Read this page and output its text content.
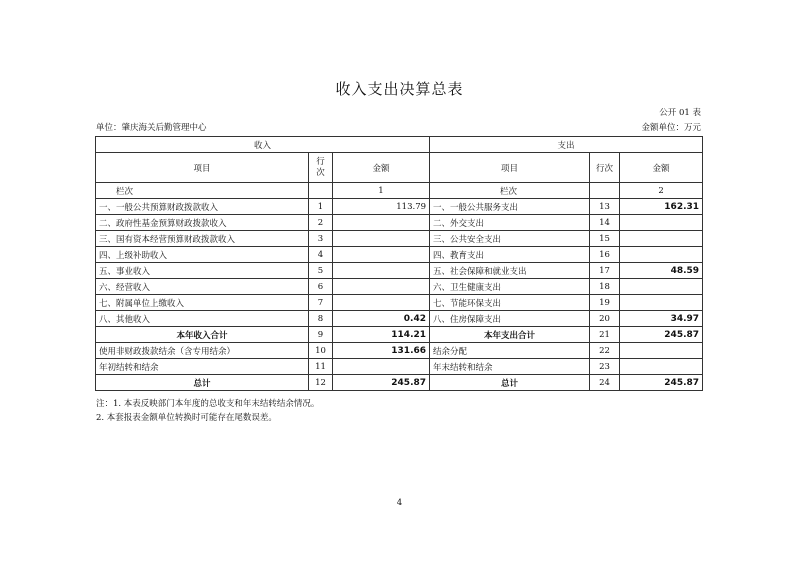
收入支出决算总表
公开 01 表
单位：肇庆海关后勤管理中心	金额单位：万元
收入			支出		
项目	行次	金额	项目	行次	金额
栏次		1	栏次		2
一、一般公共预算财政拨款收入	1	113.79	一、一般公共服务支出	13	162.31
二、政府性基金预算财政拨款收入	2		二、外交支出	14	
三、国有资本经营预算财政拨款收入	3		三、公共安全支出	15	
四、上级补助收入	4		四、教育支出	16	
五、事业收入	5		五、社会保障和就业支出	17	48.59
六、经营收入	6		六、卫生健康支出	18	
七、附属单位上缴收入	7		七、节能环保支出	19	
八、其他收入	8	0.42	八、住房保障支出	20	34.97
本年收入合计	9	114.21	本年支出合计	21	245.87
使用非财政拨款结余（含专用结余）	10	131.66	结余分配	22	
年初结转和结余	11		年末结转和结余	23	
总计	12	245.87	总计	24	245.87
注：1. 本表反映部门本年度的总收支和年末结转结余情况。
2. 本套报表金额单位转换时可能存在尾数误差。
4
